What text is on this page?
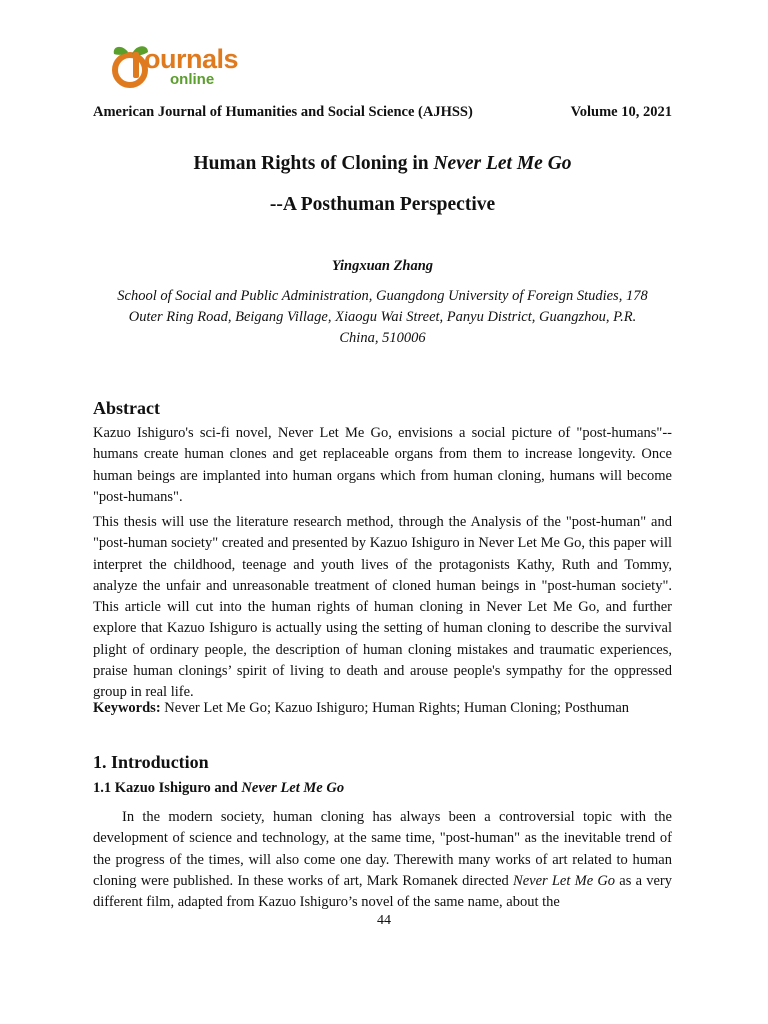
ournals
online
American Journal of Humanities and Social Science (AJHSS)	Volume 10, 2021
Human Rights of Cloning in Never Let Me Go
--A Posthuman Perspective
Yingxuan Zhang
School of Social and Public Administration, Guangdong University of Foreign Studies, 178
Outer Ring Road, Beigang Village, Xiaogu Wai Street, Panyu District, Guangzhou, P.R.
China, 510006
Abstract

Kazuo Ishiguro's sci-fi novel, Never Let Me Go, envisions a social picture of "post-humans"--humans create human clones and get replaceable organs from them to increase longevity. Once human beings are implanted into human organs which from human cloning, humans will become "post-humans".

This thesis will use the literature research method, through the Analysis of the "post-human" and "post-human society" created and presented by Kazuo Ishiguro in Never Let Me Go, this paper will interpret the childhood, teenage and youth lives of the protagonists Kathy, Ruth and Tommy, analyze the unfair and unreasonable treatment of cloned human beings in "post-human society". This article will cut into the human rights of human cloning in Never Let Me Go, and further explore that Kazuo Ishiguro is actually using the setting of human cloning to describe the survival plight of ordinary people, the description of human cloning mistakes and traumatic experiences, praise human clonings’ spirit of living to death and arouse people's sympathy for the oppressed group in real life.

Keywords: Never Let Me Go; Kazuo Ishiguro; Human Rights; Human Cloning; Posthuman

1. Introduction
1.1 Kazuo Ishiguro and Never Let Me Go

In the modern society, human cloning has always been a controversial topic with the development of science and technology, at the same time, "post-human" as the inevitable trend of the progress of the times, will also come one day. Therewith many works of art related to human cloning were published. In these works of art, Mark Romanek directed Never Let Me Go as a very different film, adapted from Kazuo Ishiguro’s novel of the same name, about the

44
